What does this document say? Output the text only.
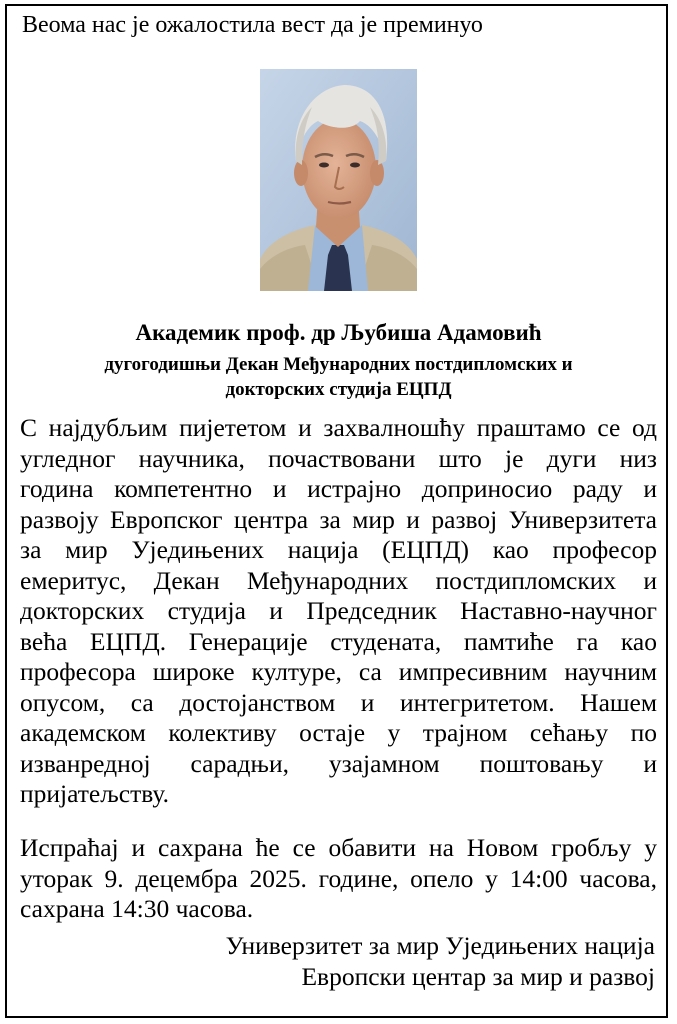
Веома нас је ожалостила вест да је преминуо
Академик проф. др Љубиша Адамовић
дугогодишњи Декан Међународних постдипломских и
докторских студија ЕЦПД
С најдубљим пијететом и захвалношћу праштамо се од
угледног научника, почаствовани што је дуги низ
година компетентно и истрајно доприносио раду и
развоју Европског центра за мир и развој Универзитета
за мир Уједињених нација (ЕЦПД) као професор
емеритус, Декан Међународних постдипломских и
докторских студија и Председник Наставно-научног
већа ЕЦПД. Генерације студената, памтиће га као
професора широке културе, са импресивним научним
опусом, са достојанством и интегритетом. Нашем
академском колективу остаје у трајном сећању по
изванредној сарадњи, узајамном поштовању и
пријатељству.
Испраћај и сахрана ће се обавити на Новом гробљу у
уторак 9. децембра 2025. године, опело у 14:00 часова,
сахрана 14:30 часова.
Универзитет за мир Уједињених нација
Европски центар за мир и развој
